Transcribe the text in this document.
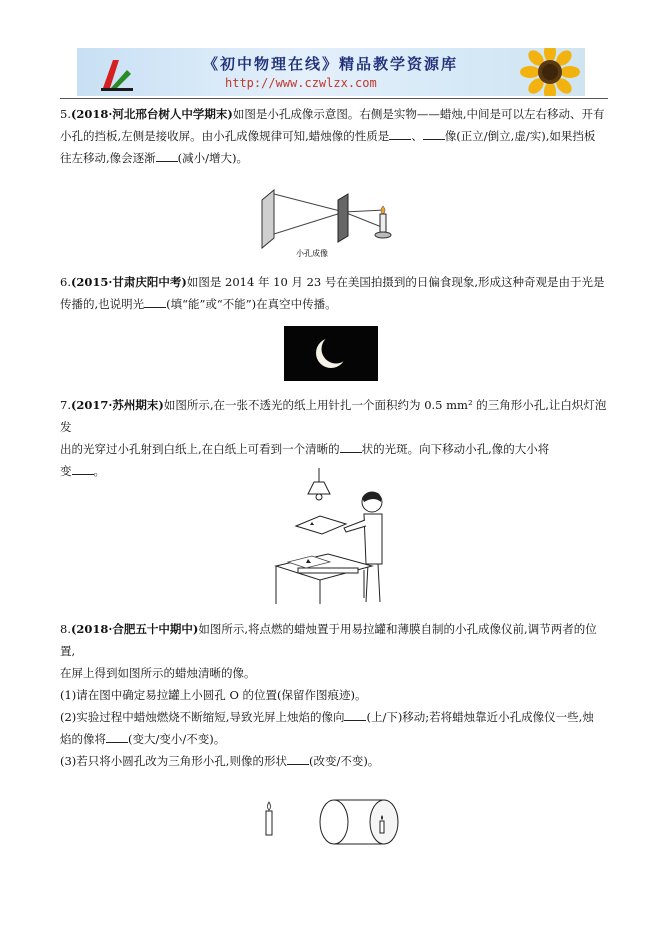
《初中物理在线》精品教学资源库
http://www.czwlzx.com

5.(2018·河北邢台树人中学期末)如图是小孔成像示意图。右侧是实物——蜡烛,中间是可以左右移动、开有

小孔的挡板,左侧是接收屏。由小孔成像规律可知,蜡烛像的性质是 、 像(正立/倒立,虚/实),如果挡板

往左移动,像会逐渐 (减小/增大)。

小孔成像

6.(2015·甘肃庆阳中考)如图是 2014 年 10 月 23 号在美国拍摄到的日偏食现象,形成这种奇观是由于光是

传播的,也说明光 (填“能”或“不能”)在真空中传播。

7.(2017·苏州期末)如图所示,在一张不透光的纸上用针扎一个面积约为 0.5 mm² 的三角形小孔,让白炽灯泡发

出的光穿过小孔射到白纸上,在白纸上可看到一个清晰的 状的光斑。向下移动小孔,像的大小将

变 。

8.(2018·合肥五十中期中)如图所示,将点燃的蜡烛置于用易拉罐和薄膜自制的小孔成像仪前,调节两者的位置,

在屏上得到如图所示的蜡烛清晰的像。

(1)请在图中确定易拉罐上小圆孔 O 的位置(保留作图痕迹)。

(2)实验过程中蜡烛燃烧不断缩短,导致光屏上烛焰的像向 (上/下)移动;若将蜡烛靠近小孔成像仪一些,烛

焰的像将 (变大/变小/不变)。

(3)若只将小圆孔改为三角形小孔,则像的形状 (改变/不变)。
